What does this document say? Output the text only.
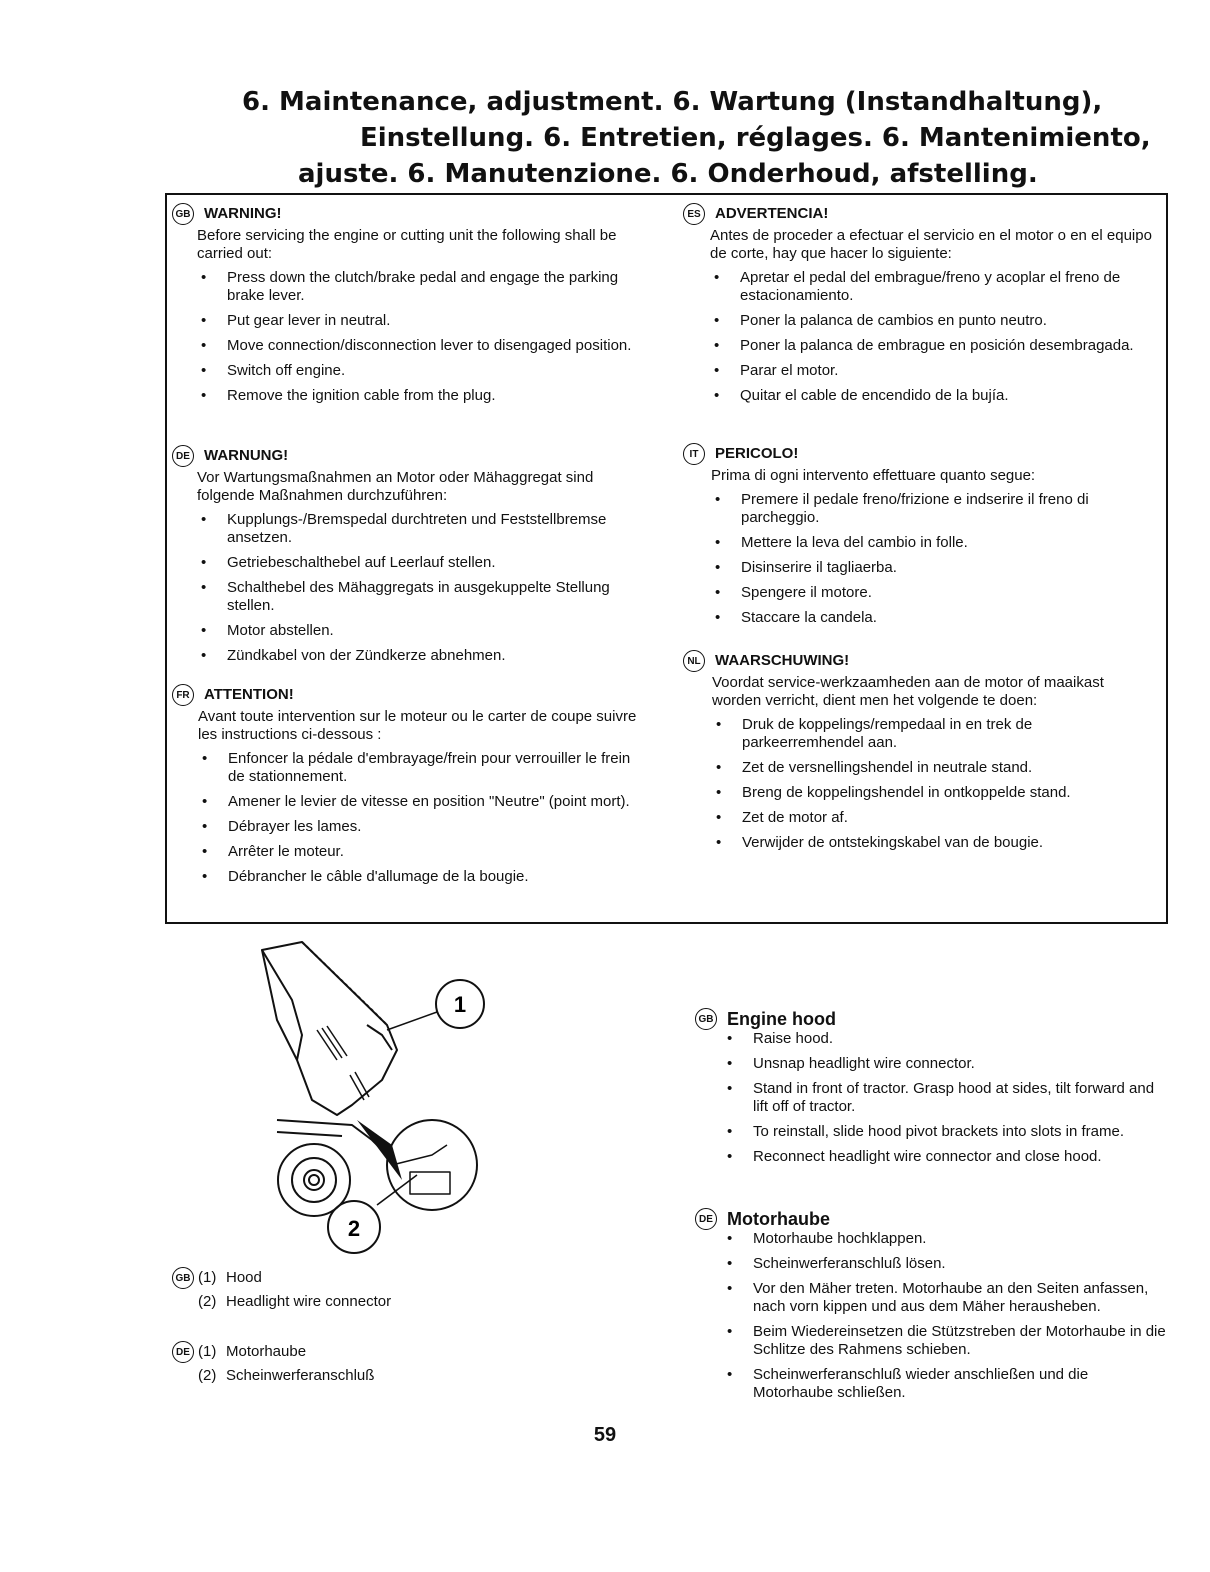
6. Maintenance, adjustment. 6. Wartung (Instandhaltung),
Einstellung. 6. Entretien, réglages. 6. Mantenimiento,
ajuste. 6. Manutenzione. 6. Onderhoud, afstelling.
GB WARNING!

Before servicing the engine or cutting unit the following shall be carried out:

• Press down the clutch/brake pedal and engage the parking brake lever.
• Put gear lever in neutral.
• Move connection/disconnection lever to disengaged position.
• Switch off engine.
• Remove the ignition cable from the plug.
DE WARNUNG!

Vor Wartungsmaßnahmen an Motor oder Mähaggregat sind folgende Maßnahmen durchzuführen:

• Kupplungs-/Bremspedal durchtreten und Feststellbremse ansetzen.
• Getriebeschalthebel auf Leerlauf stellen.
• Schalthebel des Mähaggregats in ausgekuppelte Stellung stellen.
• Motor abstellen.
• Zündkabel von der Zündkerze abnehmen.
FR ATTENTION!

Avant toute intervention sur le moteur ou le carter de coupe suivre les instructions ci-dessous :

• Enfoncer la pédale d'embrayage/frein pour verrouiller le frein de stationnement.
• Amener le levier de vitesse en position "Neutre" (point mort).
• Débrayer les lames.
• Arrêter le moteur.
• Débrancher le câble d'allumage de la bougie.
ES ADVERTENCIA!

Antes de proceder a efectuar el servicio en el motor o en el equipo de corte, hay que hacer lo siguiente:

• Apretar el pedal del embrague/freno y acoplar el freno de estacionamiento.
• Poner la palanca de cambios en punto neutro.
• Poner la palanca de embrague en posición desembragada.
• Parar el motor.
• Quitar el cable de encendido de la bujía.
IT	PERICOLO!

Prima di ogni intervento effettuare quanto segue:

• Premere il pedale freno/frizione e indserire il freno di parcheggio.
• Mettere la leva del cambio in folle.
• Disinserire il tagliaerba.
• Spengere il motore.
• Staccare la candela.
NL WAARSCHUWING!

Voordat service-werkzaamheden aan de motor of maaikast worden verricht, dient men het volgende te doen:

• Druk de koppelings/rempedaal in en trek de parkeerremhendel aan.
• Zet de versnellingshendel in neutrale stand.
• Breng de koppelingshendel in ontkoppelde stand.
• Zet de motor af.
• Verwijder de ontstekingskabel van de bougie.
1
2
GB (1) Hood
(2) Headlight wire connector
DE (1) Motorhaube
(2) Scheinwerferanschluß
GB Engine hood
• Raise hood.
• Unsnap headlight wire connector.
• Stand in front of tractor. Grasp hood at sides, tilt forward and lift off of tractor.
• To reinstall, slide hood pivot brackets into slots in frame.
• Reconnect headlight wire connector and close hood.
DE Motorhaube
• Motorhaube hochklappen.
• Scheinwerferanschluß lösen.
• Vor den Mäher treten. Motorhaube an den Seiten anfassen, nach vorn kippen und aus dem Mäher herausheben.
• Beim Wiedereinsetzen die Stützstreben der Motorhaube in die Schlitze des Rahmens schieben.
• Scheinwerferanschluß wieder anschließen und die Motorhaube schließen.
59
